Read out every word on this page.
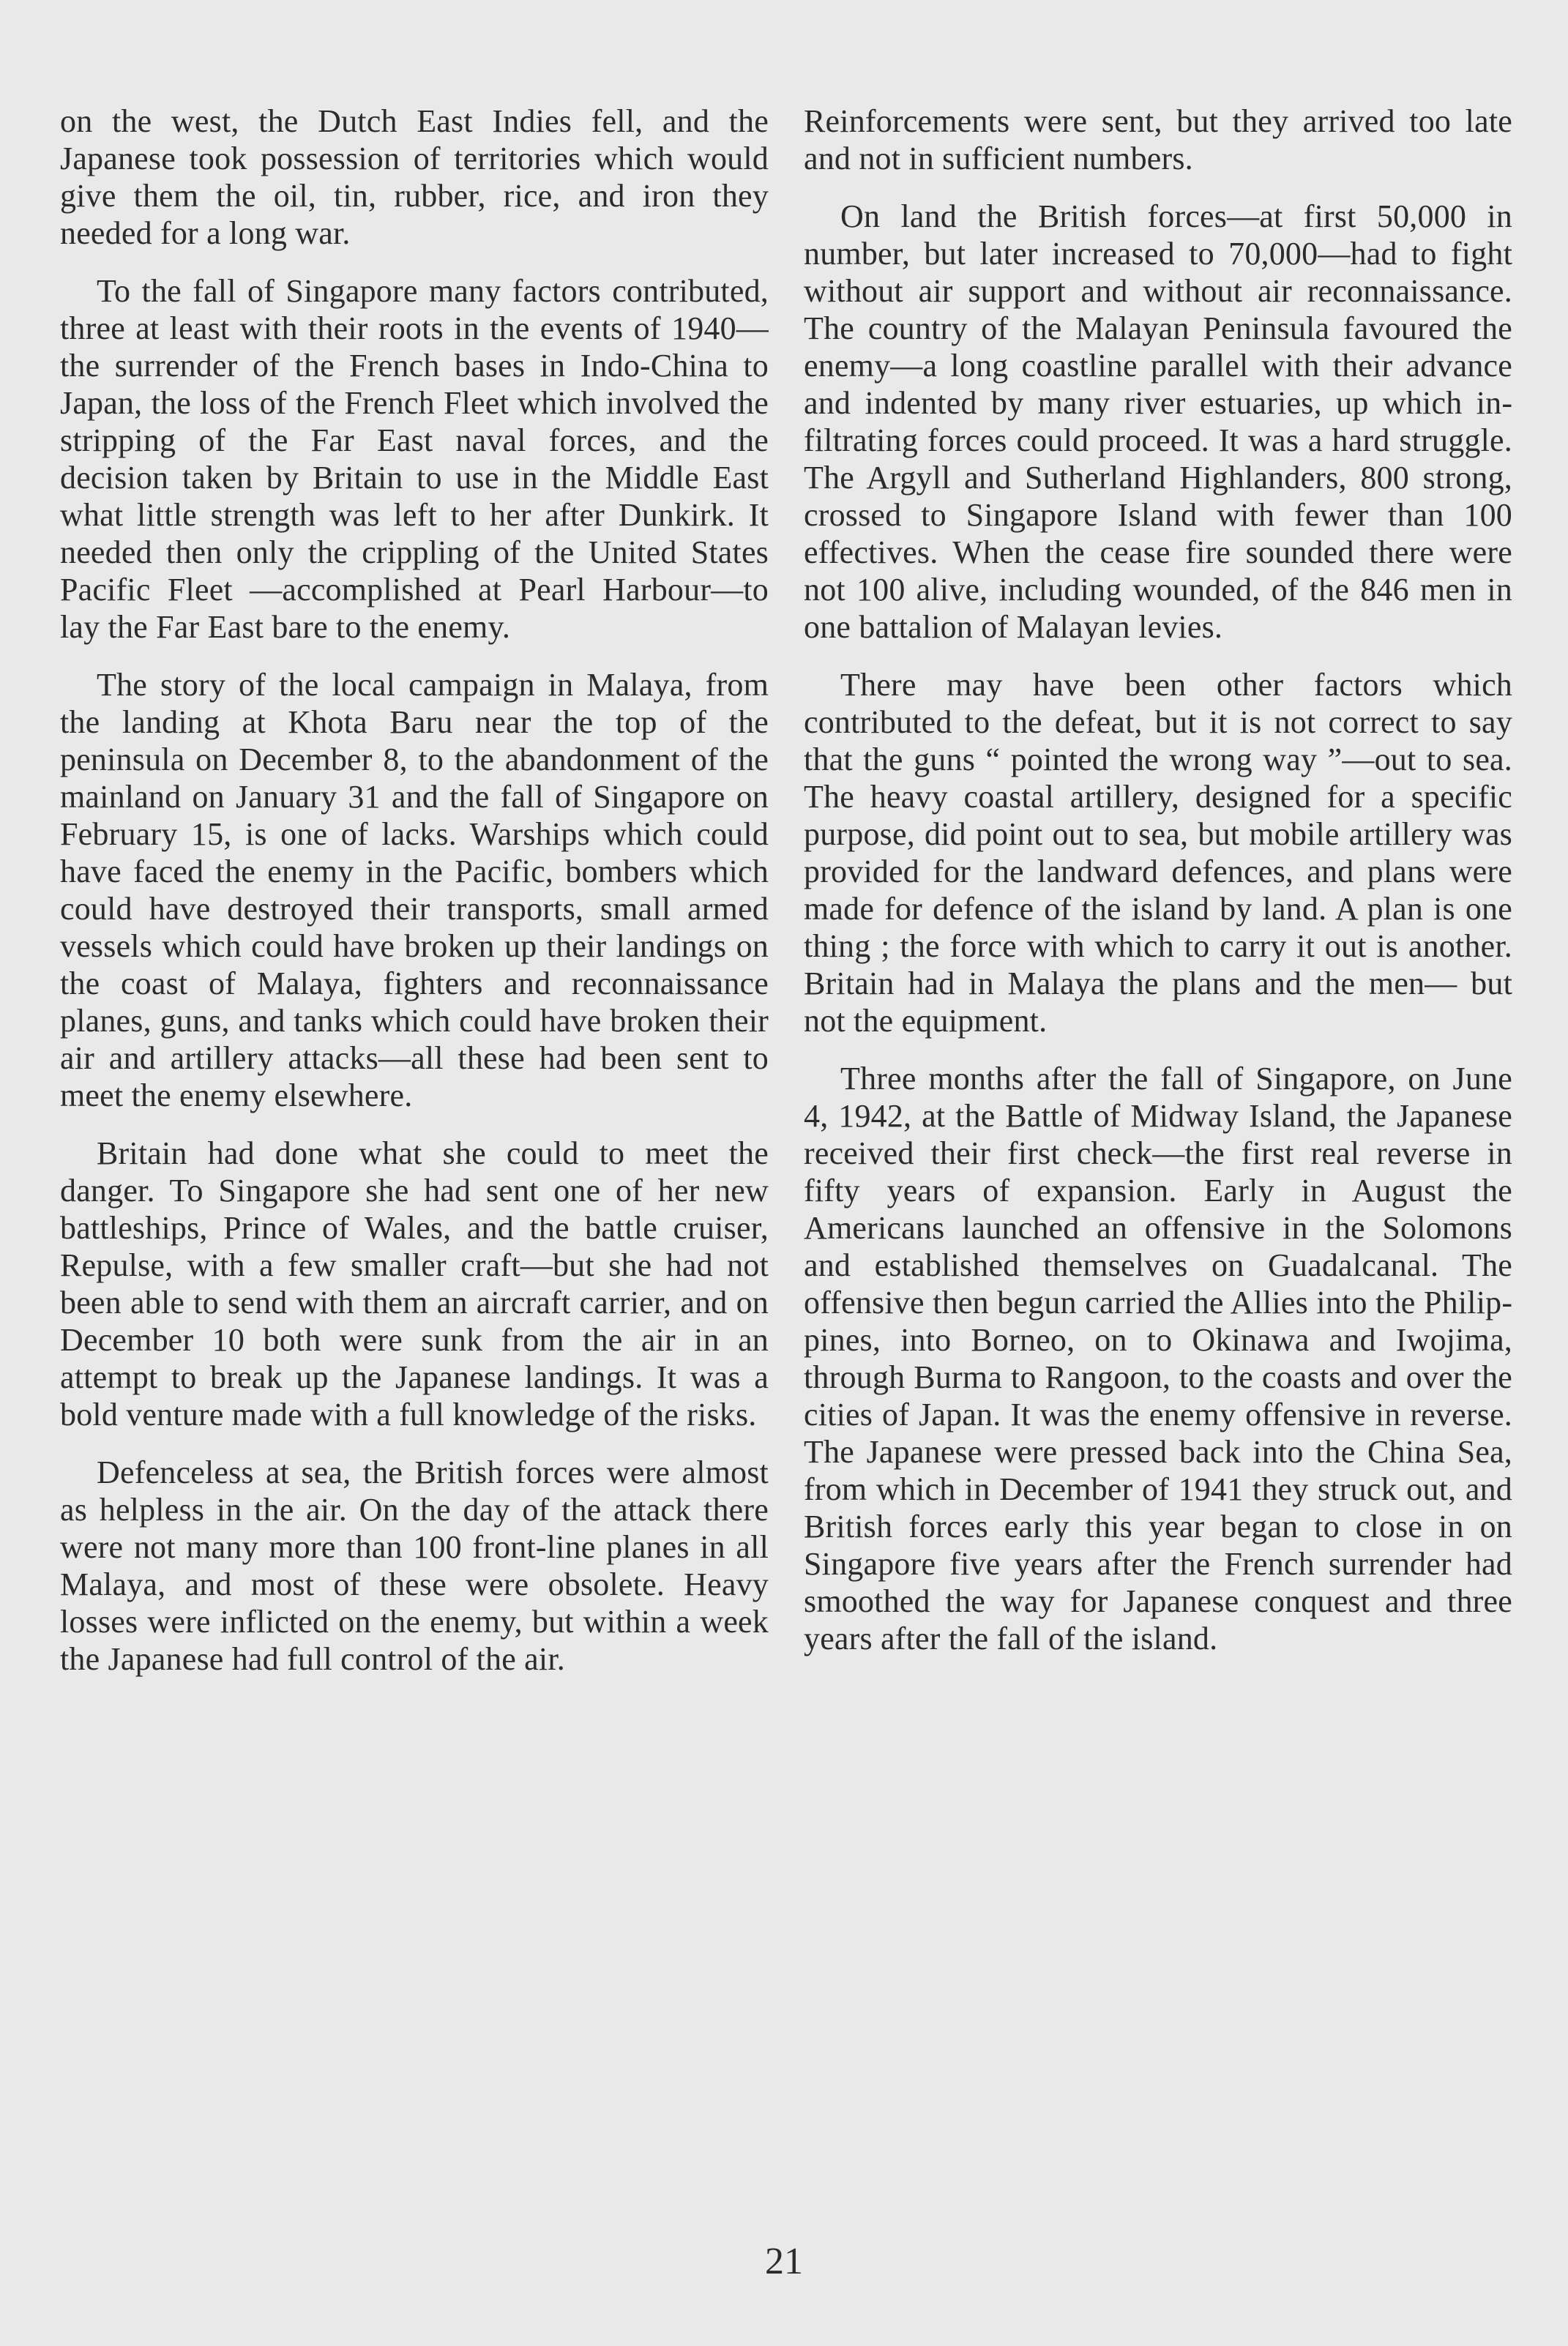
on the west, the Dutch East Indies fell, and the Japanese took possession of territories which would give them the oil, tin, rubber, rice, and iron they needed for a long war.

To the fall of Singapore many factors contributed, three at least with their roots in the events of 1940—the surrender of the French bases in Indo-China to Japan, the loss of the French Fleet which involved the stripping of the Far East naval forces, and the decision taken by Britain to use in the Middle East what little strength was left to her after Dunkirk. It needed then only the crippling of the United States Pacific Fleet —accomplished at Pearl Harbour—to lay the Far East bare to the enemy.

The story of the local campaign in Malaya, from the landing at Khota Baru near the top of the peninsula on December 8, to the abandonment of the mainland on January 31 and the fall of Singapore on February 15, is one of lacks. Warships which could have faced the enemy in the Pacific, bombers which could have destroyed their transports, small armed vessels which could have broken up their landings on the coast of Malaya, fighters and reconnaissance planes, guns, and tanks which could have broken their air and artillery attacks—all these had been sent to meet the enemy elsewhere.

Britain had done what she could to meet the danger. To Singapore she had sent one of her new battleships, Prince of Wales, and the battle cruiser, Repulse, with a few smaller craft—but she had not been able to send with them an aircraft carrier, and on December 10 both were sunk from the air in an attempt to break up the Japanese landings. It was a bold venture made with a full knowledge of the risks.

Defenceless at sea, the British forces were almost as helpless in the air. On the day of the attack there were not many more than 100 front-line planes in all Malaya, and most of these were obsolete. Heavy losses were inflicted on the enemy, but within a week the Japanese had full control of the air.

Reinforcements were sent, but they arrived too late and not in sufficient numbers.

On land the British forces—at first 50,000 in number, but later increased to 70,000—had to fight without air support and without air reconnaissance. The country of the Malayan Peninsula favoured the enemy—a long coastline parallel with their advance and indented by many river estuaries, up which infiltrating forces could proceed. It was a hard struggle. The Argyll and Sutherland Highlanders, 800 strong, crossed to Singapore Island with fewer than 100 effectives. When the cease fire sounded there were not 100 alive, including wounded, of the 846 men in one battalion of Malayan levies.

There may have been other factors which contributed to the defeat, but it is not correct to say that the guns “ pointed the wrong way ”—out to sea. The heavy coastal artillery, designed for a specific purpose, did point out to sea, but mobile artillery was provided for the landward defences, and plans were made for defence of the island by land. A plan is one thing ; the force with which to carry it out is another. Britain had in Malaya the plans and the men— but not the equipment.

Three months after the fall of Singapore, on June 4, 1942, at the Battle of Midway Island, the Japanese received their first check—the first real reverse in fifty years of expansion. Early in August the Americans launched an offensive in the Solomons and established themselves on Guadalcanal. The offensive then begun carried the Allies into the Philippines, into Borneo, on to Okinawa and Iwojima, through Burma to Rangoon, to the coasts and over the cities of Japan. It was the enemy offensive in reverse. The Japanese were pressed back into the China Sea, from which in December of 1941 they struck out, and British forces early this year began to close in on Singapore five years after the French surrender had smoothed the way for Japanese conquest and three years after the fall of the island.

21
